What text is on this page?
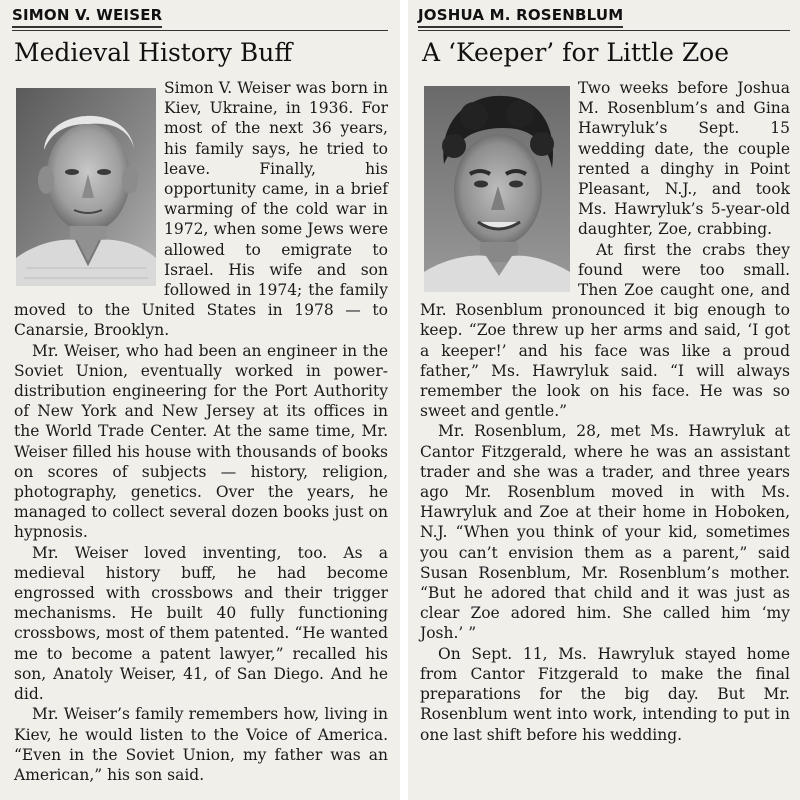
SIMON V. WEISER
Medieval History Buff

Simon V. Weiser was born in Kiev, Ukraine, in 1936. For most of the next 36 years, his family says, he tried to leave. Finally, his opportunity came, in a brief warming of the cold war in 1972, when some Jews were allowed to emigrate to Israel. His wife and son followed in 1974; the family moved to the United States in 1978 — to Canarsie, Brooklyn.

Mr. Weiser, who had been an engineer in the Soviet Union, eventually worked in power-distribution engineering for the Port Authority of New York and New Jersey at its offices in the World Trade Center. At the same time, Mr. Weiser filled his house with thousands of books on scores of subjects — history, religion, photography, genetics. Over the years, he managed to collect several dozen books just on hypnosis.

Mr. Weiser loved inventing, too. As a medieval history buff, he had become engrossed with crossbows and their trigger mechanisms. He built 40 fully functioning crossbows, most of them patented. “He wanted me to become a patent lawyer,” recalled his son, Anatoly Weiser, 41, of San Diego. And he did.

Mr. Weiser’s family remembers how, living in Kiev, he would listen to the Voice of America. “Even in the Soviet Union, my father was an American,” his son said.

JOSHUA M. ROSENBLUM
A ‘Keeper’ for Little Zoe

Two weeks before Joshua M. Rosenblum’s and Gina Hawryluk’s Sept. 15 wedding date, the couple rented a dinghy in Point Pleasant, N.J., and took Ms. Hawryluk’s 5-year-old daughter, Zoe, crabbing.

At first the crabs they found were too small. Then Zoe caught one, and Mr. Rosenblum pronounced it big enough to keep. “Zoe threw up her arms and said, ‘I got a keeper!’ and his face was like a proud father,” Ms. Hawryluk said. “I will always remember the look on his face. He was so sweet and gentle.”

Mr. Rosenblum, 28, met Ms. Hawryluk at Cantor Fitzgerald, where he was an assistant trader and she was a trader, and three years ago Mr. Rosenblum moved in with Ms. Hawryluk and Zoe at their home in Hoboken, N.J. “When you think of your kid, sometimes you can’t envision them as a parent,” said Susan Rosenblum, Mr. Rosenblum’s mother. “But he adored that child and it was just as clear Zoe adored him. She called him ‘my Josh.’ ”

On Sept. 11, Ms. Hawryluk stayed home from Cantor Fitzgerald to make the final preparations for the big day. But Mr. Rosenblum went into work, intending to put in one last shift before his wedding.
